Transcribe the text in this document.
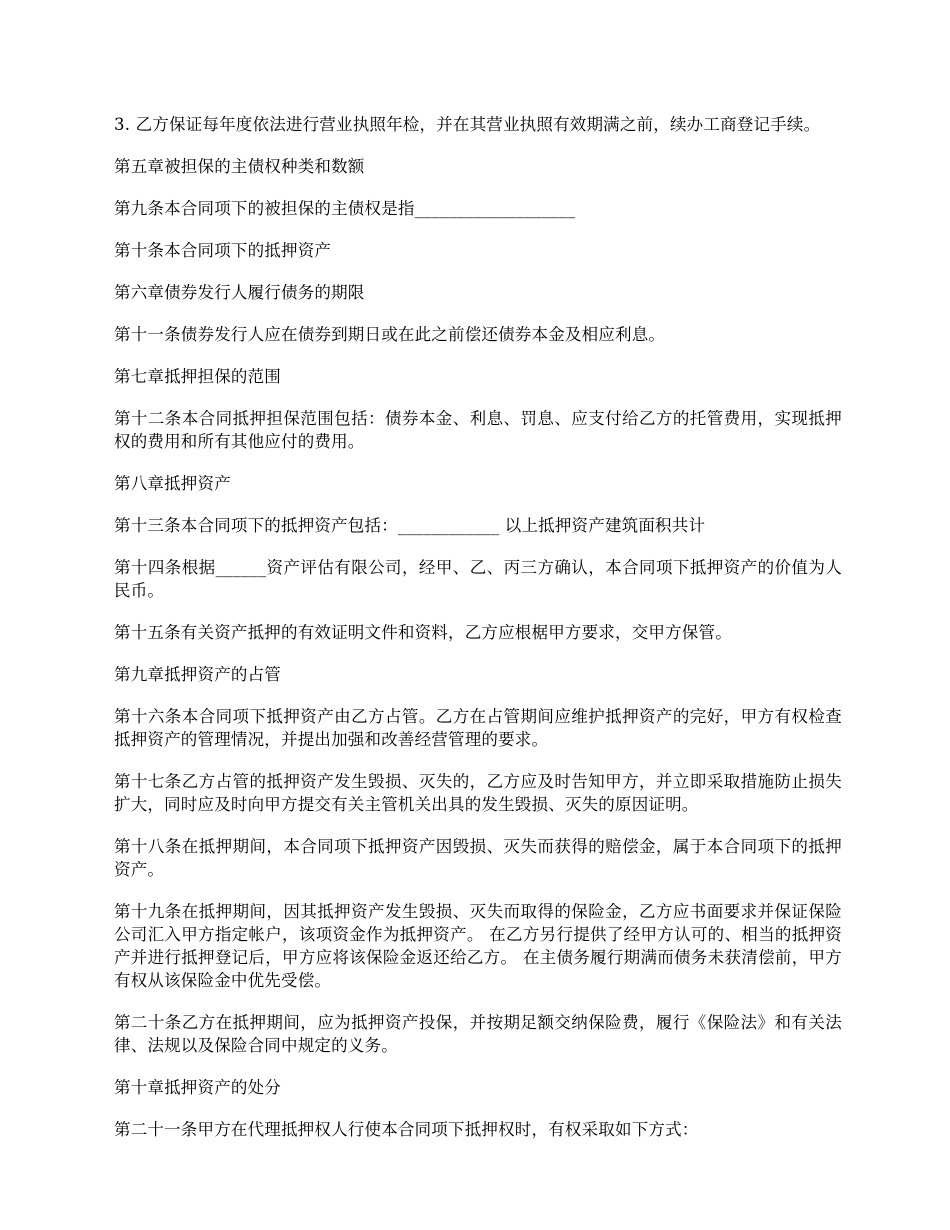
3. 乙方保证每年度依法进行营业执照年检，并在其营业执照有效期满之前，续办工商登记手续。

第五章被担保的主债权种类和数额

第九条本合同项下的被担保的主债权是指___________________

第十条本合同项下的抵押资产

第六章债券发行人履行债务的期限

第十一条债券发行人应在债券到期日或在此之前偿还债券本金及相应利息。

第七章抵押担保的范围

第十二条本合同抵押担保范围包括：债券本金、利息、罚息、应支付给乙方的托管费用，实现抵押权的费用和所有其他应付的费用。

第八章抵押资产

第十三条本合同项下的抵押资产包括：____________ 以上抵押资产建筑面积共计

第十四条根据______资产评估有限公司，经甲、乙、丙三方确认，本合同项下抵押资产的价值为人民币。

第十五条有关资产抵押的有效证明文件和资料，乙方应根椐甲方要求，交甲方保管。

第九章抵押资产的占管

第十六条本合同项下抵押资产由乙方占管。乙方在占管期间应维护抵押资产的完好，甲方有权检查抵押资产的管理情况，并提出加强和改善经营管理的要求。

第十七条乙方占管的抵押资产发生毁损、灭失的，乙方应及时告知甲方，并立即采取措施防止损失扩大，同时应及时向甲方提交有关主管机关出具的发生毁损、灭失的原因证明。

第十八条在抵押期间，本合同项下抵押资产因毁损、灭失而获得的赔偿金，属于本合同项下的抵押资产。

第十九条在抵押期间，因其抵押资产发生毁损、灭失而取得的保险金，乙方应书面要求并保证保险公司汇入甲方指定帐户，该项资金作为抵押资产。 在乙方另行提供了经甲方认可的、相当的抵押资产并进行抵押登记后，甲方应将该保险金返还给乙方。 在主债务履行期满而债务未获清偿前，甲方有权从该保险金中优先受偿。

第二十条乙方在抵押期间，应为抵押资产投保，并按期足额交纳保险费，履行《保险法》和有关法律、法规以及保险合同中规定的义务。

第十章抵押资产的处分

第二十一条甲方在代理抵押权人行使本合同项下抵押权时，有权采取如下方式：
